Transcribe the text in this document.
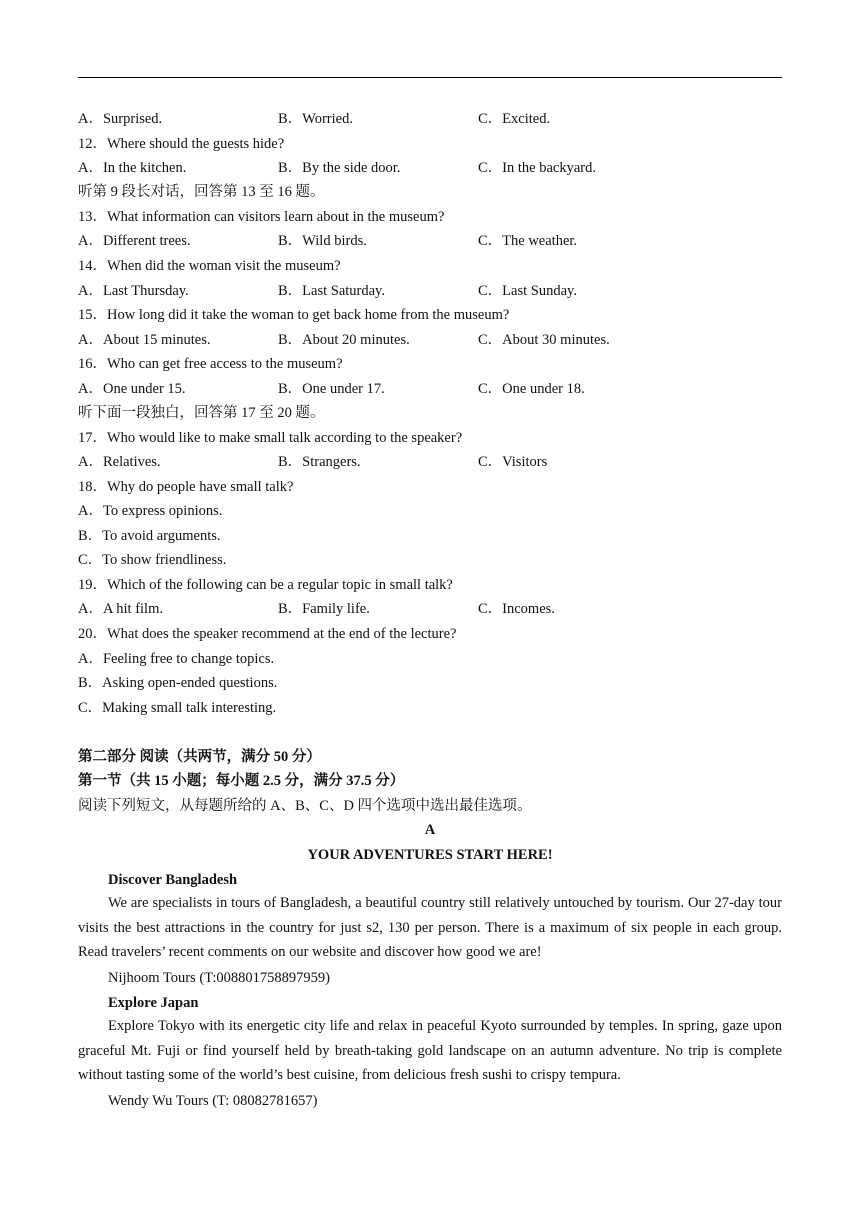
A．Surprised.	B．Worried.	C．Excited.
12．Where should the guests hide?
A．In the kitchen.	B．By the side door.	C．In the backyard.
听第 9 段长对话，回答第 13 至 16 题。
13．What information can visitors learn about in the museum?
A．Different trees.	B．Wild birds.	C．The weather.
14．When did the woman visit the museum?
A．Last Thursday.	B．Last Saturday.	C．Last Sunday.
15．How long did it take the woman to get back home from the museum?
A．About 15 minutes.	B．About 20 minutes.	C．About 30 minutes.
16．Who can get free access to the museum?
A．One under 15.	B．One under 17.	C．One under 18.
听下面一段独白，回答第 17 至 20 题。
17．Who would like to make small talk according to the speaker?
A．Relatives.	B．Strangers.	C．Visitors
18．Why do people have small talk?
A．To express opinions.
B．To avoid arguments.
C．To show friendliness.
19．Which of the following can be a regular topic in small talk?
A．A hit film.	B．Family life.	C．Incomes.
20．What does the speaker recommend at the end of the lecture?
A．Feeling free to change topics.
B．Asking open-ended questions.
C．Making small talk interesting.
第二部分 阅读（共两节，满分 50 分）
第一节（共 15 小题；每小题 2.5 分，满分 37.5 分）
阅读下列短文，从每题所给的 A、B、C、D 四个选项中选出最佳选项。
A
YOUR ADVENTURES START HERE!
Discover Bangladesh
We are specialists in tours of Bangladesh, a beautiful country still relatively untouched by tourism. Our 27-day tour visits the best attractions in the country for just s2, 130 per person. There is a maximum of six people in each group. Read travelers’ recent comments on our website and discover how good we are!
Nijhoom Tours (T:008801758897959)
Explore Japan
Explore Tokyo with its energetic city life and relax in peaceful Kyoto surrounded by temples. In spring, gaze upon graceful Mt. Fuji or find yourself held by breath-taking gold landscape on an autumn adventure. No trip is complete without tasting some of the world’s best cuisine, from delicious fresh sushi to crispy tempura.
Wendy Wu Tours (T: 08082781657)
